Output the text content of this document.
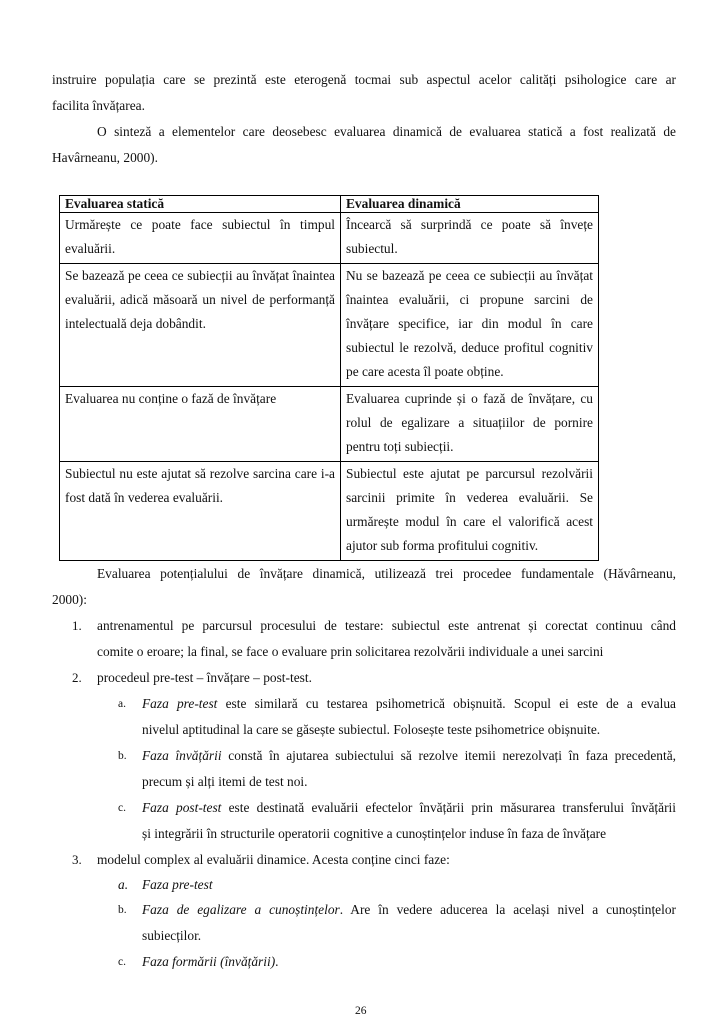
instruire populația care se prezintă este eterogenă tocmai sub aspectul acelor calități psihologice care ar
facilita învățarea.
O sinteză a elementelor care deosebesc evaluarea dinamică de evaluarea statică a fost realizată de
Havârneanu, 2000).
Evaluarea statică	Evaluarea dinamică

Urmărește ce poate face subiectul în timpul evaluării.	Încearcă să surprindă ce poate să învețe subiectul.

Se bazează pe ceea ce subiecții au învățat înaintea evaluării, adică măsoară un nivel de performanță intelectuală deja dobândit.	Nu se bazează pe ceea ce subiecții au învățat înaintea evaluării, ci propune sarcini de învățare specifice, iar din modul în care subiectul le rezolvă, deduce profitul cognitiv pe care acesta îl poate obține.

Evaluarea nu conține o fază de învățare	Evaluarea cuprinde și o fază de învățare, cu rolul de egalizare a situațiilor de pornire pentru toți subiecții.

Subiectul nu este ajutat să rezolve sarcina care i-a fost dată în vederea evaluării.	Subiectul este ajutat pe parcursul rezolvării sarcinii primite în vederea evaluării. Se urmărește modul în care el valorifică acest ajutor sub forma profitului cognitiv.
Evaluarea potențialului de învățare dinamică, utilizează trei procedee fundamentale (Hăvârneanu,
2000):
1. antrenamentul pe parcursul procesului de testare: subiectul este antrenat și corectat continuu când
comite o eroare; la final, se face o evaluare prin solicitarea rezolvării individuale a unei sarcini
2. procedeul pre-test – învățare – post-test.
a. Faza pre-test este similară cu testarea psihometrică obișnuită. Scopul ei este de a evalua
nivelul aptitudinal la care se găsește subiectul. Folosește teste psihometrice obișnuite.
b. Faza învățării constă în ajutarea subiectului să rezolve itemii nerezolvați în faza precedentă,
precum și alți itemi de test noi.
c. Faza post-test este destinată evaluării efectelor învățării prin măsurarea transferului învățării
și integrării în structurile operatorii cognitive a cunoștințelor induse în faza de învățare
3. modelul complex al evaluării dinamice. Acesta conține cinci faze:
a. Faza pre-test
b. Faza de egalizare a cunoștințelor. Are în vedere aducerea la același nivel a cunoștințelor
subiecților.
c. Faza formării (învățării).
26
